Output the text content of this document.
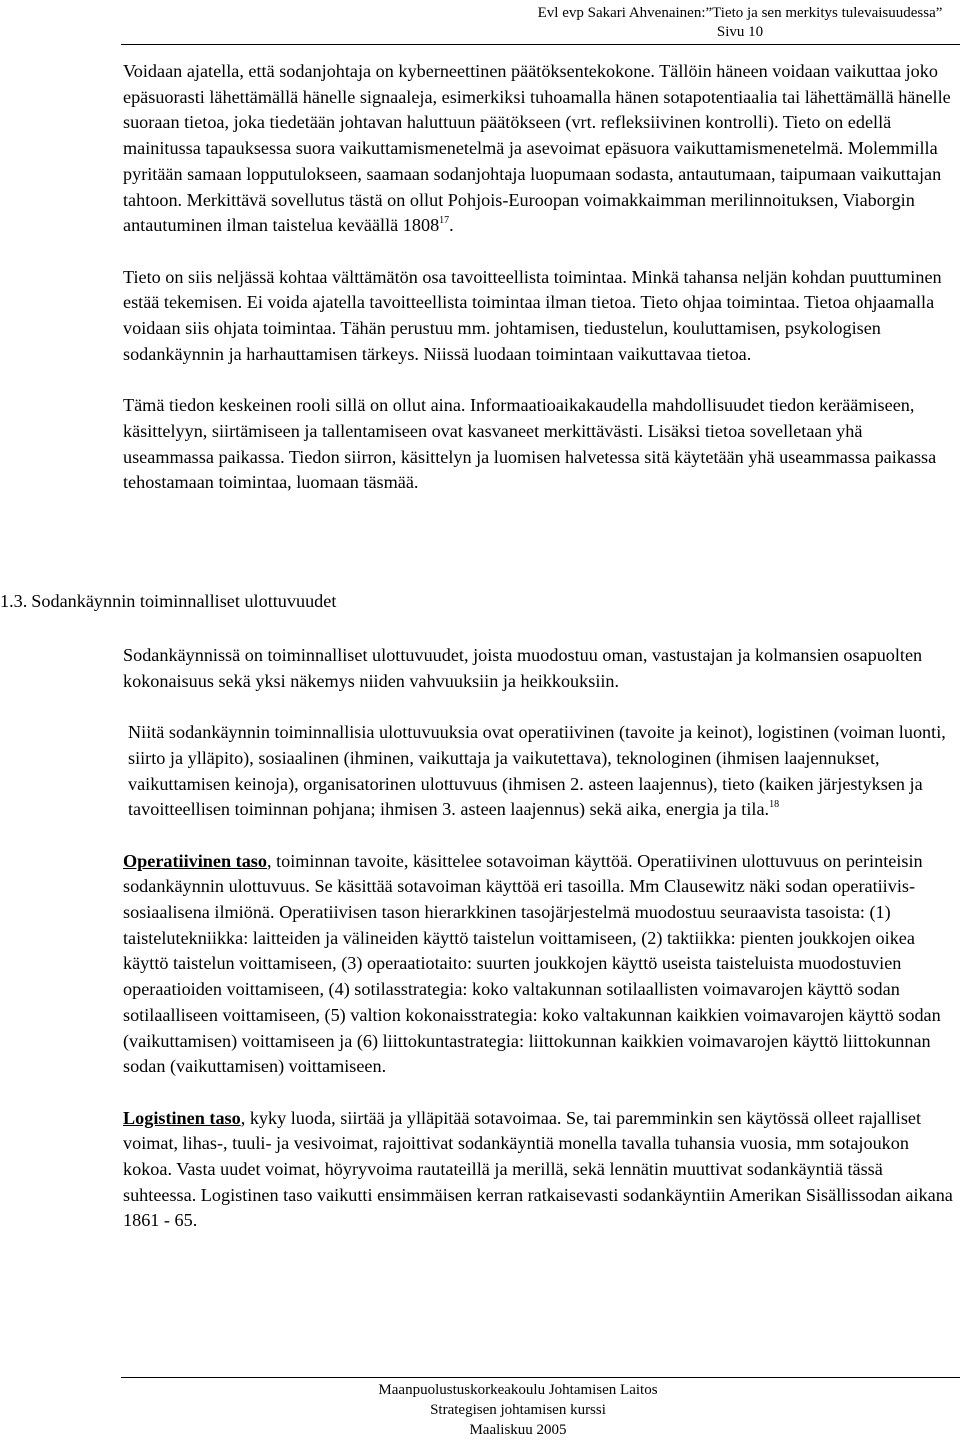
Evl evp Sakari Ahvenainen:”Tieto ja sen merkitys tulevaisuudessa”
Sivu 10

Voidaan ajatella, että sodanjohtaja on kyberneettinen päätöksentekokone. Tällöin häneen voidaan vaikuttaa joko epäsuorasti lähettämällä hänelle signaaleja, esimerkiksi tuhoamalla hänen sotapotentiaalia tai lähettämällä hänelle suoraan tietoa, joka tiedetään johtavan haluttuun päätökseen (vrt. refleksiivinen kontrolli). Tieto on edellä mainitussa tapauksessa suora vaikuttamismenetelmä ja asevoimat epäsuora vaikuttamismenetelmä. Molemmilla pyritään samaan lopputulokseen, saamaan sodanjohtaja luopumaan sodasta, antautumaan, taipumaan vaikuttajan tahtoon. Merkittävä sovellutus tästä on ollut Pohjois-Euroopan voimakkaimman merilinnoituksen, Viaborgin antautuminen ilman taistelua keväällä 1808$^{17}$.

Tieto on siis neljässä kohtaa välttämätön osa tavoitteellista toimintaa. Minkä tahansa neljän kohdan puuttuminen estää tekemisen. Ei voida ajatella tavoitteellista toimintaa ilman tietoa. Tieto ohjaa toimintaa. Tietoa ohjaamalla voidaan siis ohjata toimintaa. Tähän perustuu mm. johtamisen, tiedustelun, kouluttamisen, psykologisen sodankäynnin ja harhauttamisen tärkeys. Niissä luodaan toimintaan vaikuttavaa tietoa.

Tämä tiedon keskeinen rooli sillä on ollut aina. Informaatioaikakaudella mahdollisuudet tiedon keräämiseen, käsittelyyn, siirtämiseen ja tallentamiseen ovat kasvaneet merkittävästi. Lisäksi tietoa sovelletaan yhä useammassa paikassa. Tiedon siirron, käsittelyn ja luomisen halvetessa sitä käytetään yhä useammassa paikassa tehostamaan toimintaa, luomaan täsmää.

1.3. Sodankäynnin toiminnalliset ulottuvuudet

Sodankäynnissä on toiminnalliset ulottuvuudet, joista muodostuu oman, vastustajan ja kolmansien osapuolten kokonaisuus sekä yksi näkemys niiden vahvuuksiin ja heikkouksiin.

Niitä sodankäynnin toiminnallisia ulottuvuuksia ovat operatiivinen (tavoite ja keinot), logistinen (voiman luonti, siirto ja ylläpito), sosiaalinen (ihminen, vaikuttaja ja vaikutettava), teknologinen (ihmisen laajennukset, vaikuttamisen keinoja), organisatorinen ulottuvuus (ihmisen 2. asteen laajennus), tieto (kaiken järjestyksen ja tavoitteellisen toiminnan pohjana; ihmisen 3. asteen laajennus) sekä aika, energia ja tila.$^{18}$

Operatiivinen taso, toiminnan tavoite, käsittelee sotavoiman käyttöä. Operatiivinen ulottuvuus on perinteisin sodankäynnin ulottuvuus. Se käsittää sotavoiman käyttöä eri tasoilla. Mm Clausewitz näki sodan operatiivis- sosiaalisena ilmiönä. Operatiivisen tason hierarkkinen tasojärjestelmä muodostuu seuraavista tasoista: (1) taistelutekniikka: laitteiden ja välineiden käyttö taistelun voittamiseen, (2) taktiikka: pienten joukkojen oikea käyttö taistelun voittamiseen, (3) operaatiotaito: suurten joukkojen käyttö useista taisteluista muodostuvien operaatioiden voittamiseen, (4) sotilasstrategia: koko valtakunnan sotilaallisten voimavarojen käyttö sodan sotilaalliseen voittamiseen, (5) valtion kokonaisstrategia: koko valtakunnan kaikkien voimavarojen käyttö sodan (vaikuttamisen) voittamiseen ja (6) liittokuntastrategia: liittokunnan kaikkien voimavarojen käyttö liittokunnan sodan (vaikuttamisen) voittamiseen.

Logistinen taso, kyky luoda, siirtää ja ylläpitää sotavoimaa. Se, tai paremminkin sen käytössä olleet rajalliset voimat, lihas-, tuuli- ja vesivoimat, rajoittivat sodankäyntiä monella tavalla tuhansia vuosia, mm sotajoukon kokoa. Vasta uudet voimat, höyryvoima rautateillä ja merillä, sekä lennätin muuttivat sodankäyntiä tässä suhteessa. Logistinen taso vaikutti ensimmäisen kerran ratkaisevasti sodankäyntiin Amerikan Sisällissodan aikana 1861 - 65.

Maanpuolustuskorkeakoulu Johtamisen Laitos
Strategisen johtamisen kurssi
Maaliskuu 2005
